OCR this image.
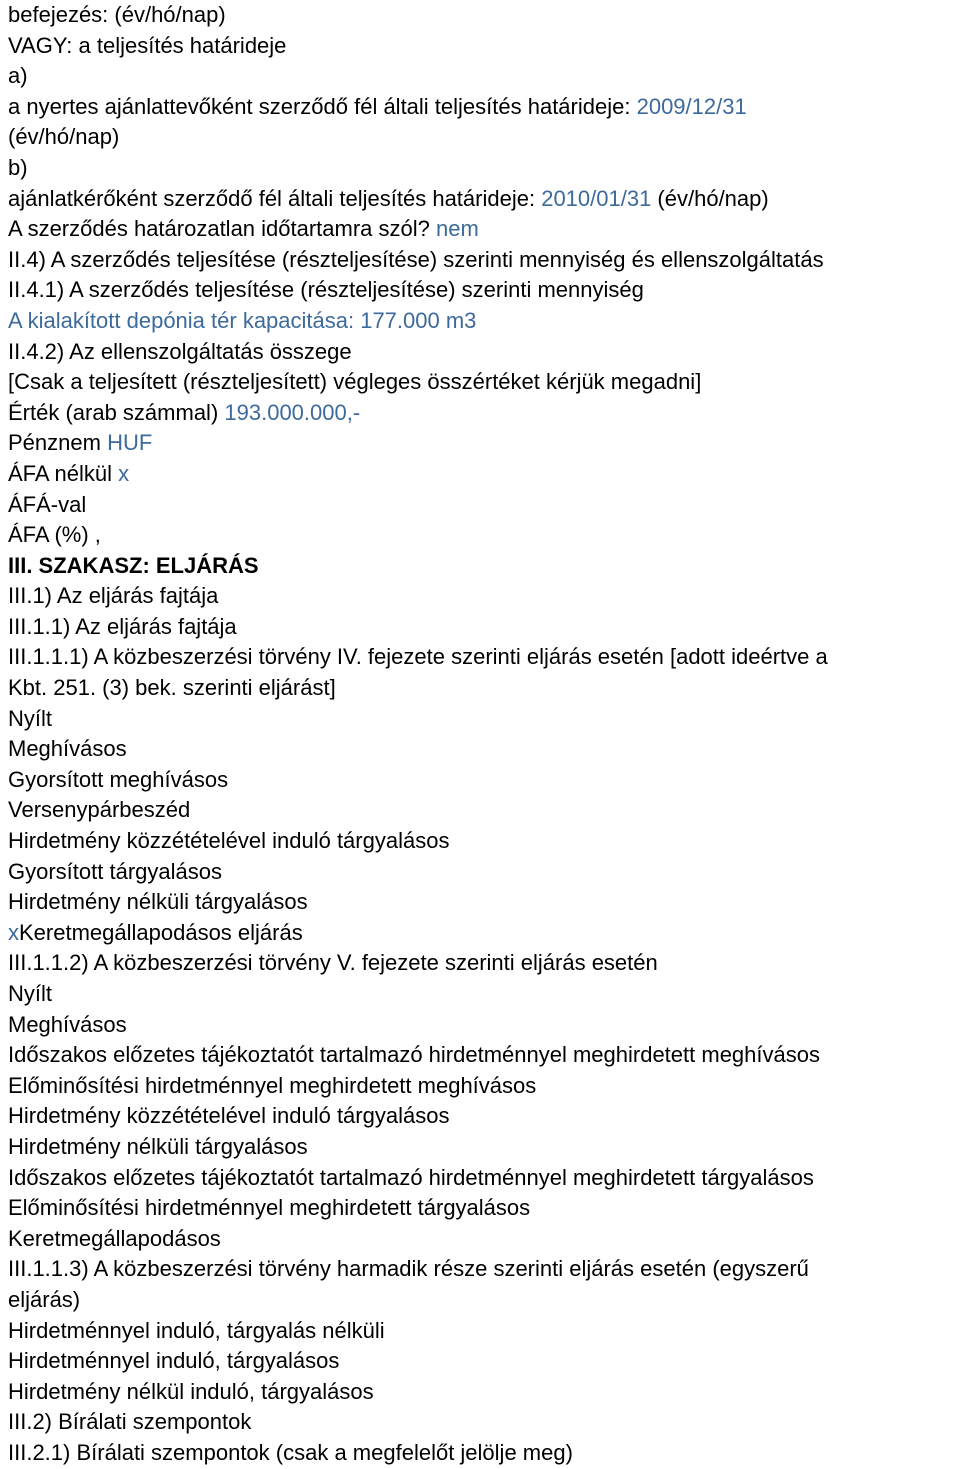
befejezés: (év/hó/nap)
VAGY: a teljesítés határideje
a)
a nyertes ajánlattevőként szerződő fél általi teljesítés határideje: 2009/12/31
(év/hó/nap)
b)
ajánlatkérőként szerződő fél általi teljesítés határideje: 2010/01/31 (év/hó/nap)
A szerződés határozatlan időtartamra szól? nem
II.4) A szerződés teljesítése (részteljesítése) szerinti mennyiség és ellenszolgáltatás
II.4.1) A szerződés teljesítése (részteljesítése) szerinti mennyiség
A kialakított depónia tér kapacitása: 177.000 m3
II.4.2) Az ellenszolgáltatás összege
[Csak a teljesített (részteljesített) végleges összértéket kérjük megadni]
Érték (arab számmal) 193.000.000,-
Pénznem HUF
ÁFA nélkül x
ÁFÁ-val
ÁFA (%) ,
III. SZAKASZ: ELJÁRÁS
III.1) Az eljárás fajtája
III.1.1) Az eljárás fajtája
III.1.1.1) A közbeszerzési törvény IV. fejezete szerinti eljárás esetén [adott ideértve a
Kbt. 251. (3) bek. szerinti eljárást]
Nyílt
Meghívásos
Gyorsított meghívásos
Versenypárbeszéd
Hirdetmény közzétételével induló tárgyalásos
Gyorsított tárgyalásos
Hirdetmény nélküli tárgyalásos
xKeretmegállapodásos eljárás
III.1.1.2) A közbeszerzési törvény V. fejezete szerinti eljárás esetén
Nyílt
Meghívásos
Időszakos előzetes tájékoztatót tartalmazó hirdetménnyel meghirdetett meghívásos
Előminősítési hirdetménnyel meghirdetett meghívásos
Hirdetmény közzétételével induló tárgyalásos
Hirdetmény nélküli tárgyalásos
Időszakos előzetes tájékoztatót tartalmazó hirdetménnyel meghirdetett tárgyalásos
Előminősítési hirdetménnyel meghirdetett tárgyalásos
Keretmegállapodásos
III.1.1.3) A közbeszerzési törvény harmadik része szerinti eljárás esetén (egyszerű
eljárás)
Hirdetménnyel induló, tárgyalás nélküli
Hirdetménnyel induló, tárgyalásos
Hirdetmény nélkül induló, tárgyalásos
III.2) Bírálati szempontok
III.2.1) Bírálati szempontok (csak a megfelelőt jelölje meg)
